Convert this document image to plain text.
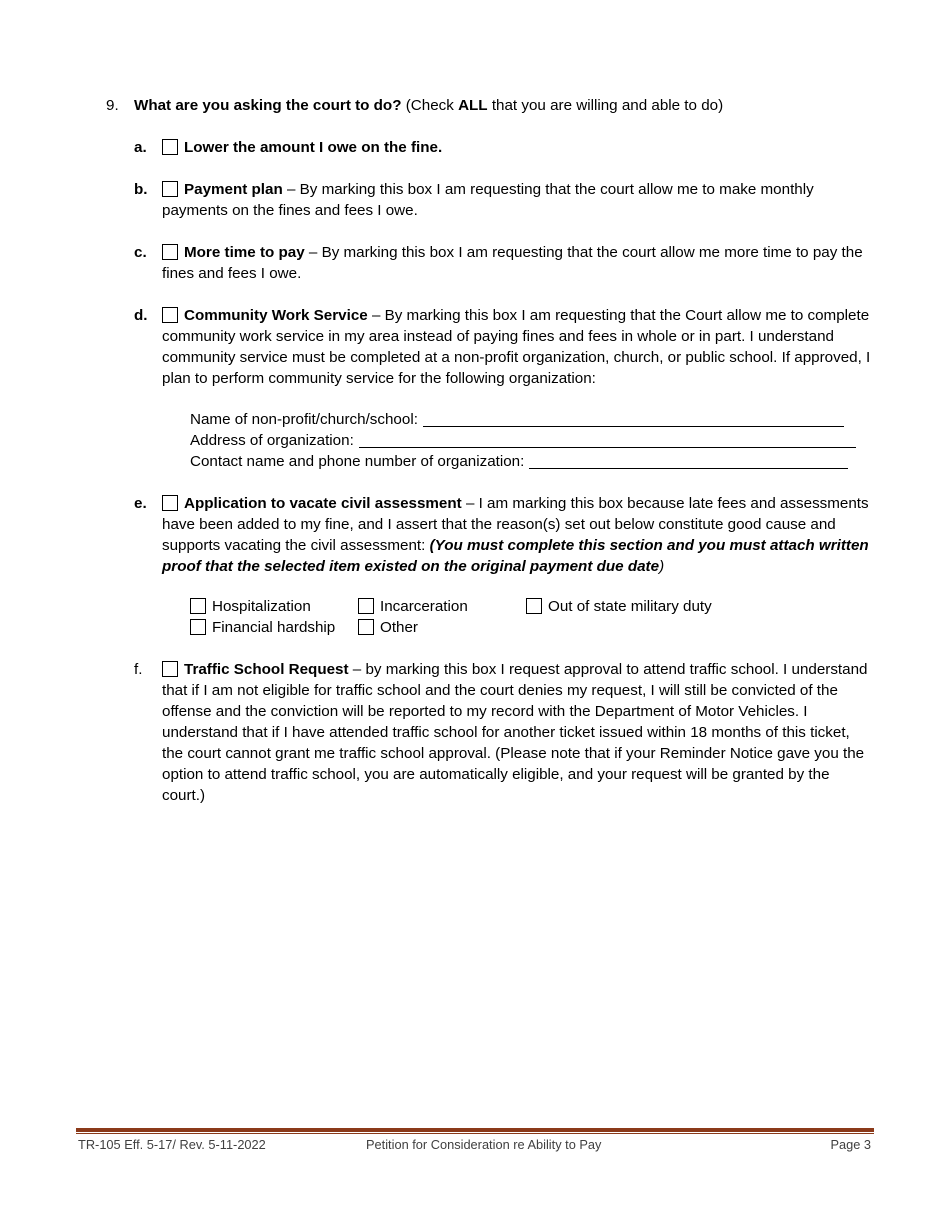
9. What are you asking the court to do? (Check ALL that you are willing and able to do)
a.	Lower the amount I owe on the fine.
b.	Payment plan – By marking this box I am requesting that the court allow me to make monthly payments on the fines and fees I owe.
c.	More time to pay – By marking this box I am requesting that the court allow me more time to pay the fines and fees I owe.
d.	Community Work Service – By marking this box I am requesting that the Court allow me to complete community work service in my area instead of paying fines and fees in whole or in part. I understand community service must be completed at a non-profit organization, church, or public school. If approved, I plan to perform community service for the following organization:
Name of non-profit/church/school:
Address of organization:
Contact name and phone number of organization:
e.	Application to vacate civil assessment – I am marking this box because late fees and assessments have been added to my fine, and I assert that the reason(s) set out below constitute good cause and supports vacating the civil assessment: (You must complete this section and you must attach written proof that the selected item existed on the original payment due date)
Hospitalization	Incarceration	Out of state military duty
Financial hardship	Other
f.	Traffic School Request – by marking this box I request approval to attend traffic school. I understand that if I am not eligible for traffic school and the court denies my request, I will still be convicted of the offense and the conviction will be reported to my record with the Department of Motor Vehicles. I understand that if I have attended traffic school for another ticket issued within 18 months of this ticket, the court cannot grant me traffic school approval. (Please note that if your Reminder Notice gave you the option to attend traffic school, you are automatically eligible, and your request will be granted by the court.)
TR-105 Eff. 5-17/ Rev. 5-11-2022	Petition for Consideration re Ability to Pay	Page 3
